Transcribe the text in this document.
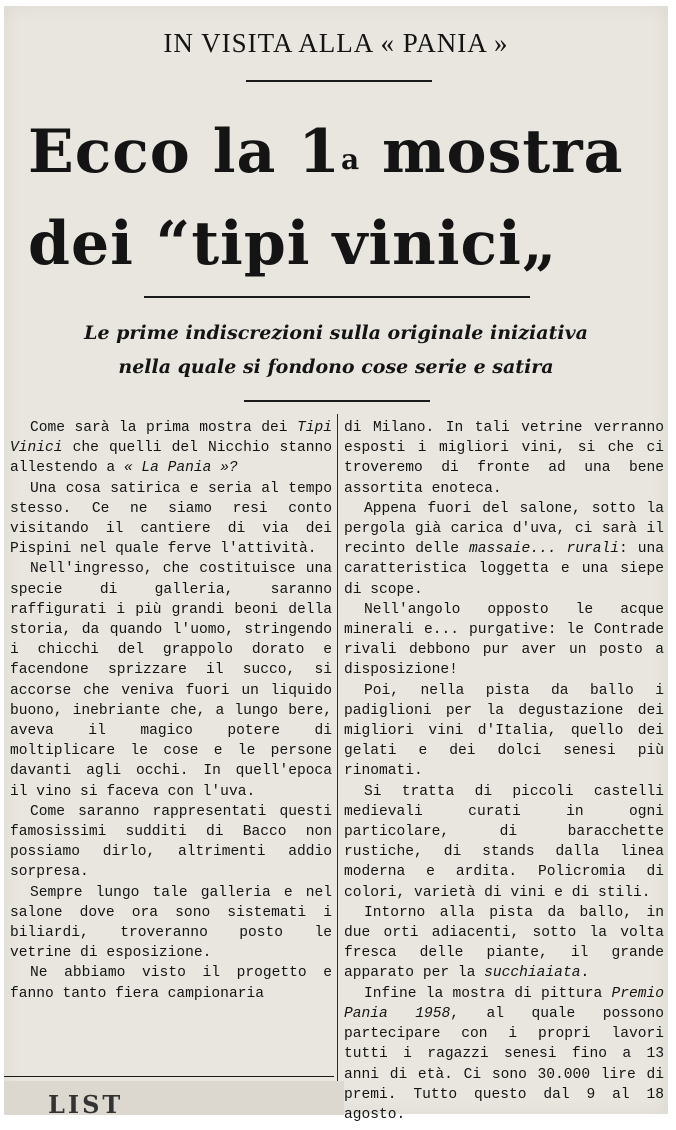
IN VISITA ALLA « PANIA »
Ecco la 1$^a$ mostra
dei “tipi vinici„
Le prime indiscrezioni sulla originale iniziativa
nella quale si fondono cose serie e satira

Come sarà la prima mostra dei Tipi Vinici che quelli del Nicchio stanno allestendo a « La Pania »?

Una cosa satirica e seria al tempo stesso. Ce ne siamo resi conto visitando il cantiere di via dei Pispini nel quale ferve l'attività.

Nell'ingresso, che costituisce una specie di galleria, saranno raffigurati i più grandi beoni della storia, da quando l'uomo, stringendo i chicchi del grappolo dorato e facendone sprizzare il succo, si accorse che veniva fuori un liquido buono, inebriante che, a lungo bere, aveva il magico potere di moltiplicare le cose e le persone davanti agli occhi. In quell'epoca il vino si faceva con l'uva.

Come saranno rappresentati questi famosissimi sudditi di Bacco non possiamo dirlo, altrimenti addio sorpresa.

Sempre lungo tale galleria e nel salone dove ora sono sistemati i biliardi, troveranno posto le vetrine di esposizione.

Ne abbiamo visto il progetto e fanno tanto fiera campionaria

di Milano. In tali vetrine verranno esposti i migliori vini, si che ci troveremo di fronte ad una bene assortita enoteca.

Appena fuori del salone, sotto la pergola già carica d'uva, ci sarà il recinto delle massaie... rurali: una caratteristica loggetta e una siepe di scope.

Nell'angolo opposto le acque minerali e... purgative: le Contrade rivali debbono pur aver un posto a disposizione!

Poi, nella pista da ballo i padiglioni per la degustazione dei migliori vini d'Italia, quello dei gelati e dei dolci senesi più rinomati.

Si tratta di piccoli castelli medievali curati in ogni particolare, di baracchette rustiche, di stands dalla linea moderna e ardita. Policromia di colori, varietà di vini e di stili.

Intorno alla pista da ballo, in due orti adiacenti, sotto la volta fresca delle piante, il grande apparato per la succhiaiata.

Infine la mostra di pittura Premio Pania 1958, al quale possono partecipare con i propri lavori tutti i ragazzi senesi fino a 13 anni di età. Ci sono 30.000 lire di premi. Tutto questo dal 9 al 18 agosto.

LIST
